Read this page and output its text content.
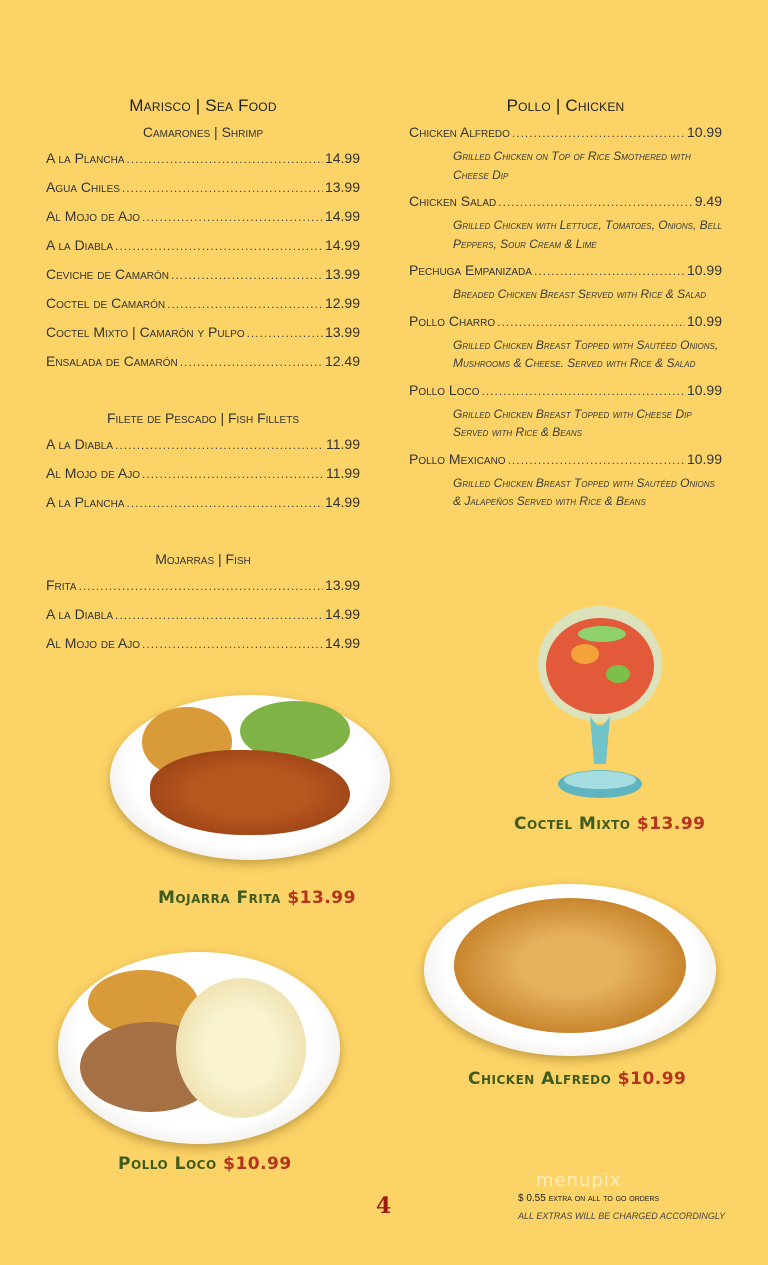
Marisco | Sea Food
Camarones | Shrimp
A la Plancha .....	14.99
Agua Chiles .....	13.99
Al Mojo de Ajo .....	14.99
A la Diabla .....	14.99
Ceviche de Camarón .....	13.99
Coctel de Camarón .....	12.99
Coctel Mixto | Camarón y Pulpo .....	13.99
Ensalada de Camarón .....	12.49
Filete de Pescado | Fish Fillets
A la Diabla .....	11.99
Al Mojo de Ajo .....	11.99
A la Plancha .....	14.99
Mojarras | Fish
Frita .....	13.99
A la Diabla .....	14.99
Al Mojo de Ajo .....	14.99
Pollo | Chicken
Chicken Alfredo .....	10.99
Grilled Chicken on Top of Rice Smothered with Cheese Dip
Chicken Salad .....	9.49
Grilled Chicken with Lettuce, Tomatoes, Onions, Bell Peppers, Sour Cream & Lime
Pechuga Empanizada .....	10.99
Breaded Chicken Breast Served with Rice & Salad
Pollo Charro .....	10.99
Grilled Chicken Breast Topped with Sautéed Onions, Mushrooms & Cheese. Served with Rice & Salad
Pollo Loco .....	10.99
Grilled Chicken Breast Topped with Cheese Dip Served with Rice & Beans
Pollo Mexicano .....	10.99
Grilled Chicken Breast Topped with Sautéed Onions & Jalapeños Served with Rice & Beans
Coctel Mixto $13.99
Mojarra Frita $13.99
Chicken Alfredo $10.99
Pollo Loco $10.99
menupix
4	$ 0.55 extra on all to go orders
ALL EXTRAS WILL BE CHARGED ACCORDINGLY
